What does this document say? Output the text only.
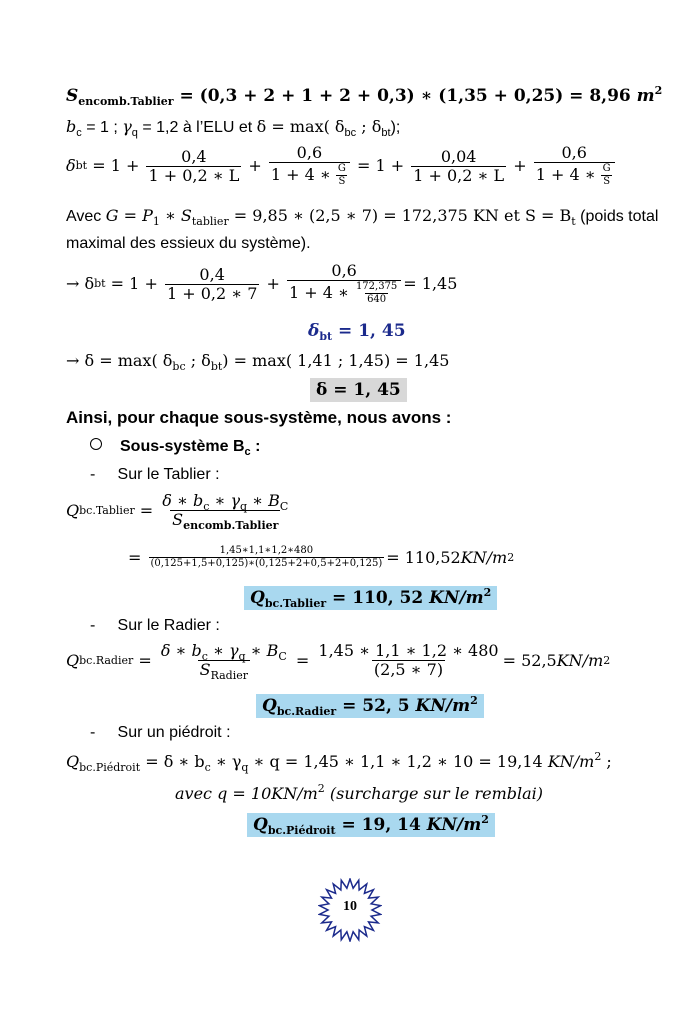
$S_{encomb.Tablier} = (0,3 + 2 + 1 + 2 + 0,3)$ ∗ (1,35 + 0,25) = 8,96 $m^2$
$b_c = 1$ ; $\gamma_q = 1,2$ à l’ELU et δ = max( $\delta_{bc}$ ; $\delta_{bt}$);
δ bt = $1 + \frac{0,4}{1 + 0,2 ∗ L} + \frac{0,6}{1 + 4 ∗ \frac{G}{S}} = 1 + \frac{0,04}{1 + 0,2 ∗ L} + \frac{0,6}{1 + 4 ∗ \frac{G}{S}}$
Avec $G = P_1$ ∗ $S_{tablier} = 9,85$ ∗ (2,5 ∗ 7) = 172,375 KN et $S = B_t$ (poids total
maximal des essieux du système).
→ δ bt = $1 + \frac{0,4}{1 + 0,2 ∗ 7} + \frac{0,6}{1 + 4 ∗ \frac{172,375}{640}} = 1,45$
$\delta_{bt} = 1$, 45
→ δ = max( $\delta_{bc}$ ; $\delta_{bt}) = \max$( 1,41 ; 1,45) = 1,45
δ = 1, 45
Ainsi, pour chaque sous-système, nous avons :
Sous-système $B_c$ :
-     Sur le Tablier :
Q bc.Tablier = $\frac{\delta ∗ b_c ∗ \gamma_q ∗ B_C}{S_{encomb.Tablier}}$
= $\frac{1,45∗1,1∗1,2∗480}{(0,125+1,5+0,125)∗(0,125+2+0,5+2+0,125)} = 110,52$ KN/m 2
$Q_{bc.Tablier} = 110$, 52 $KN/m^2$
-     Sur le Radier :
Q bc.Radier = $\frac{\delta ∗ b_c ∗ \gamma_q ∗ B_C}{S_{Radier}} = \frac{1,45 ∗ 1,1 ∗ 1,2 ∗ 480}{(2,5 ∗ 7)} = 52,5$ KN/m 2
$Q_{bc.Radier} = 52$, 5 $KN/m^2$
-     Sur un piédroit :
$Q_{bc.Piédroit} = \delta$ ∗ $b_c$ ∗ $\gamma_q$ ∗ q = 1,45 ∗ 1,1 ∗ 1,2 ∗ 10 = 19,14 $KN/m^2$ ;
avec $q = 10KN/m^2$ (surcharge sur le remblai)
$Q_{bc.Piédroit} = 19$, 14 $KN/m^2$
10
